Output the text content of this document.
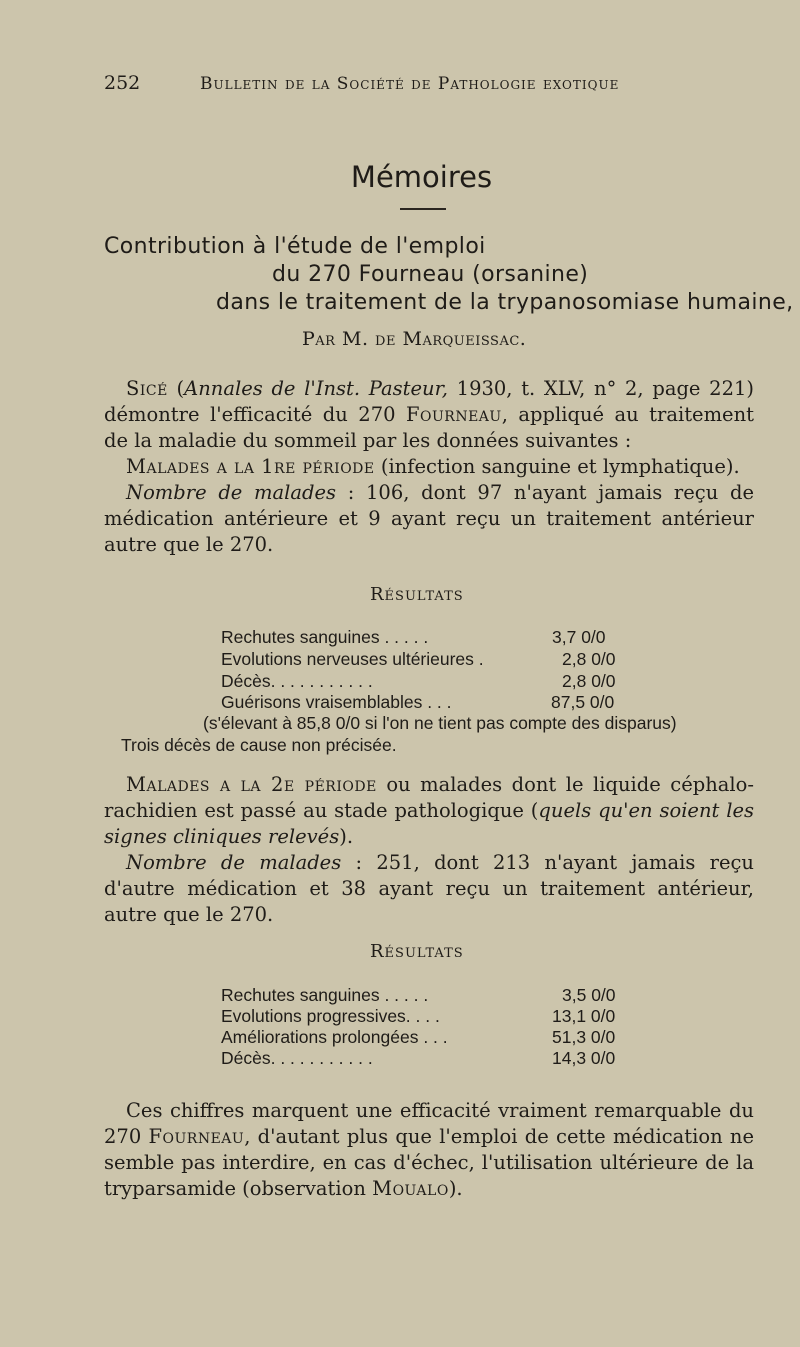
252	Bulletin de la Société de Pathologie exotique
Mémoires
Contribution à l'étude de l'emploi
du 270 Fourneau (orsanine)
dans le traitement de la trypanosomiase humaine,
Par M. de Marqueissac.
Sicé (Annales de l'Inst. Pasteur, 1930, t. XLV, n° 2, page 221) démontre l'efficacité du 270 Fourneau, appliqué au traitement de la maladie du sommeil par les données suivantes :
Malades a la 1re période (infection sanguine et lymphatique).
Nombre de malades : 106, dont 97 n'ayant jamais reçu de médication antérieure et 9 ayant reçu un traitement antérieur autre que le 270.
Résultats
Rechutes sanguines . . . . .	3,7 0/0
Evolutions nerveuses ultérieures .	2,8 0/0
Décès. . . . . . . . . . .	2,8 0/0
Guérisons vraisemblables . . .	87,5 0/0
(s'élevant à 85,8 0/0 si l'on ne tient pas compte des disparus)
Trois décès de cause non précisée.
Malades a la 2e période ou malades dont le liquide céphalo-rachidien est passé au stade pathologique (quels qu'en soient les signes cliniques relevés).
Nombre de malades : 251, dont 213 n'ayant jamais reçu d'autre médication et 38 ayant reçu un traitement antérieur, autre que le 270.
Résultats
Rechutes sanguines . . . . .	3,5 0/0
Evolutions progressives. . . .	13,1 0/0
Améliorations prolongées . . .	51,3 0/0
Décès. . . . . . . . . . .	14,3 0/0
Ces chiffres marquent une efficacité vraiment remarquable du 270 Fourneau, d'autant plus que l'emploi de cette médication ne semble pas interdire, en cas d'échec, l'utilisation ultérieure de la tryparsamide (observation Moualo).
